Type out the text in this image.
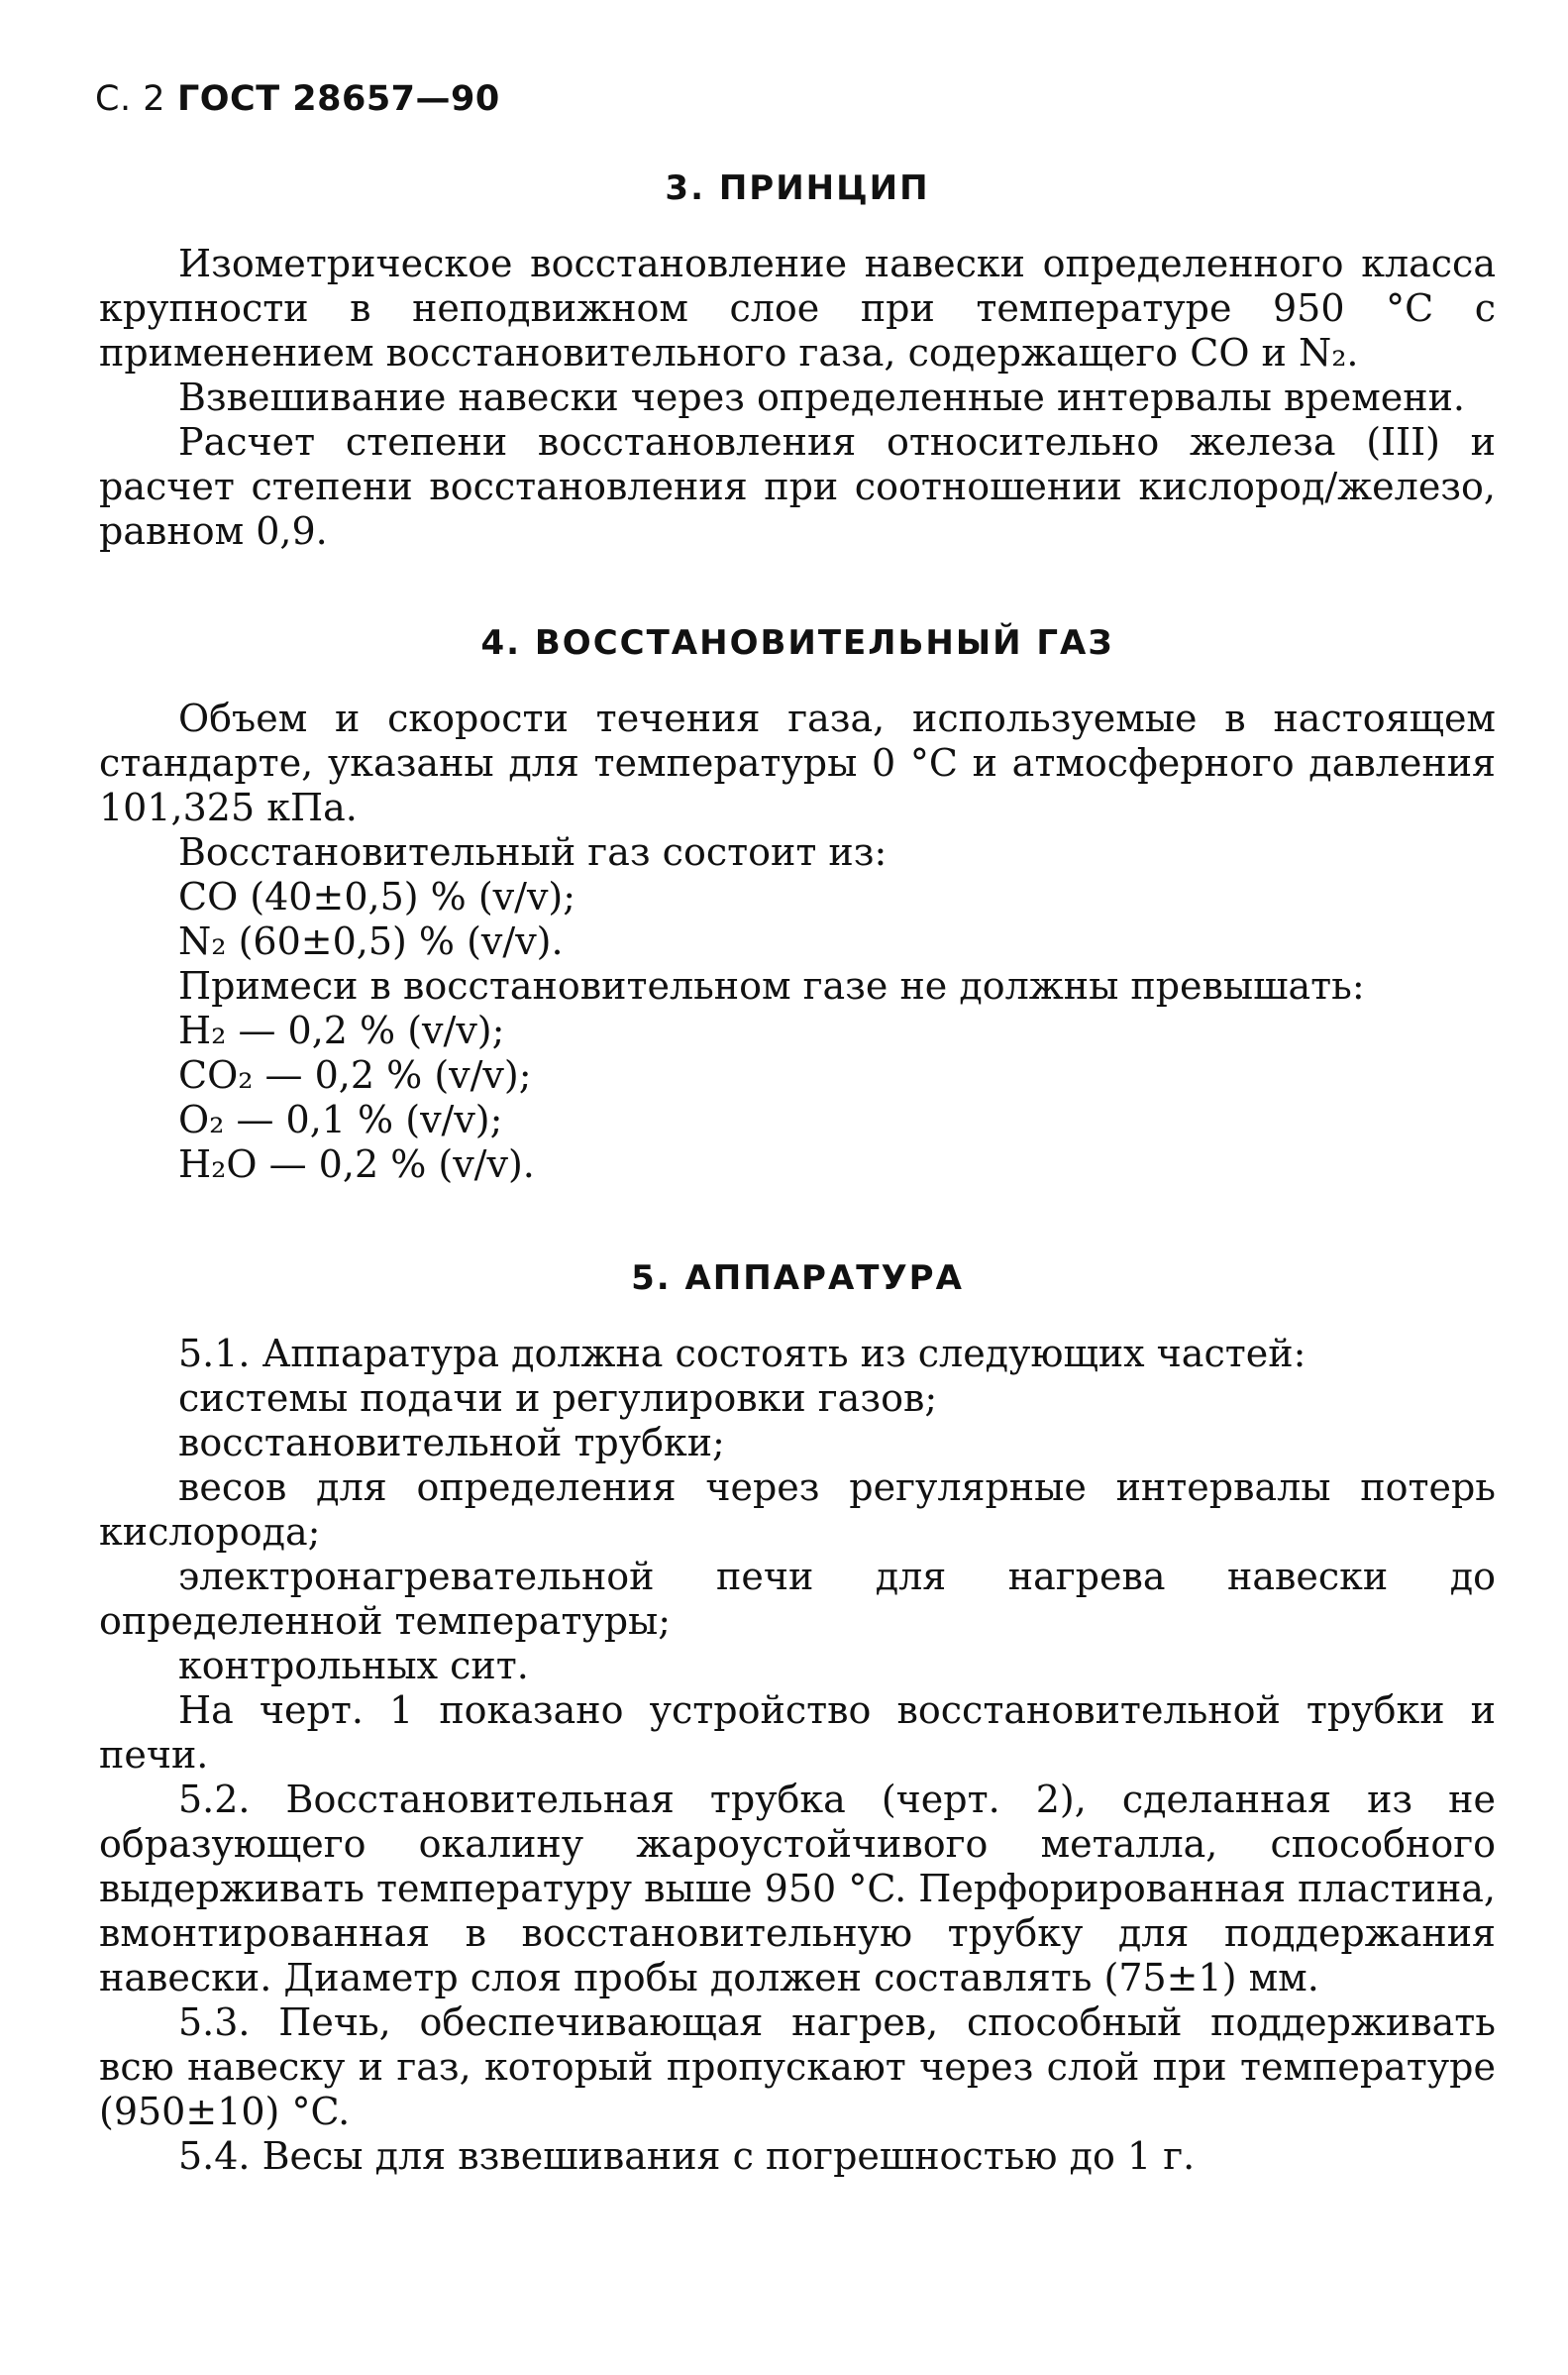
С. 2 ГОСТ 28657—90
3. ПРИНЦИП

Изометрическое восстановление навески определенного класса крупности в неподвижном слое при температуре 950 °C с применением восстановительного газа, содержащего CO и N₂.

Взвешивание навески через определенные интервалы времени.

Расчет степени восстановления относительно железа (III) и расчет степени восстановления при соотношении кислород/железо, равном 0,9.

4. ВОССТАНОВИТЕЛЬНЫЙ ГАЗ

Объем и скорости течения газа, используемые в настоящем стандарте, указаны для температуры 0 °C и атмосферного давления 101,325 кПа.

Восстановительный газ состоит из:

CO (40±0,5) % (v/v);

N₂ (60±0,5) % (v/v).

Примеси в восстановительном газе не должны превышать:

H₂ — 0,2 % (v/v);

CO₂ — 0,2 % (v/v);

O₂ — 0,1 % (v/v);

H₂O — 0,2 % (v/v).

5. АППАРАТУРА

5.1. Аппаратура должна состоять из следующих частей:

системы подачи и регулировки газов;

восстановительной трубки;

весов для определения через регулярные интервалы потерь кислорода;

электронагревательной печи для нагрева навески до определенной температуры;

контрольных сит.

На черт. 1 показано устройство восстановительной трубки и печи.

5.2. Восстановительная трубка (черт. 2), сделанная из не образующего окалину жароустойчивого металла, способного выдерживать температуру выше 950 °C. Перфорированная пластина, вмонтированная в восстановительную трубку для поддержания навески. Диаметр слоя пробы должен составлять (75±1) мм.

5.3. Печь, обеспечивающая нагрев, способный поддерживать всю навеску и газ, который пропускают через слой при температуре (950±10) °C.

5.4. Весы для взвешивания с погрешностью до 1 г.
